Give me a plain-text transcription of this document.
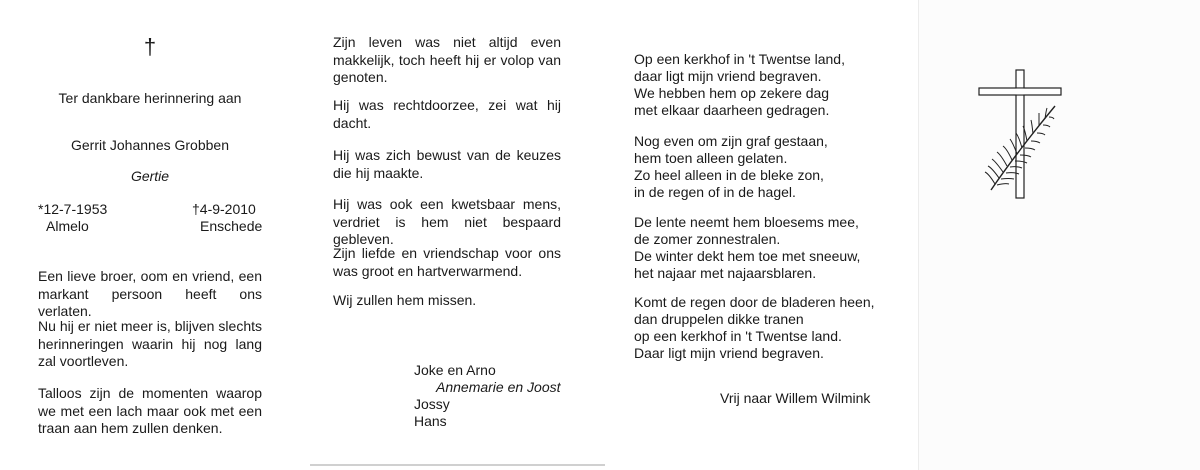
†

Ter dankbare herinnering aan

Gerrit Johannes Grobben

Gertie

*12-7-1953

Almelo

†4-9-2010

Enschede

Een lieve broer, oom en vriend, een markant persoon heeft ons verlaten.

Nu hij er niet meer is, blijven slechts herinneringen waarin hij nog lang zal voortleven.

Talloos zijn de momenten waarop we met een lach maar ook met een traan aan hem zullen denken.

Zijn leven was niet altijd even makkelijk, toch heeft hij er volop van genoten.

Hij was rechtdoorzee, zei wat hij dacht.

Hij was zich bewust van de keuzes die hij maakte.

Hij was ook een kwetsbaar mens, verdriet is hem niet bespaard gebleven.

Zijn liefde en vriendschap voor ons was groot en hartverwarmend.

Wij zullen hem missen.

Joke en Arno

Annemarie en Joost

Jossy

Hans

Op een kerkhof in 't Twentse land,

daar ligt mijn vriend begraven.

We hebben hem op zekere dag

met elkaar daarheen gedragen.

Nog even om zijn graf gestaan,

hem toen alleen gelaten.

Zo heel alleen in de bleke zon,

in de regen of in de hagel.

De lente neemt hem bloesems mee,

de zomer zonnestralen.

De winter dekt hem toe met sneeuw,

het najaar met najaarsblaren.

Komt de regen door de bladeren heen,

dan druppelen dikke tranen

op een kerkhof in 't Twentse land.

Daar ligt mijn vriend begraven.

Vrij naar Willem Wilmink
